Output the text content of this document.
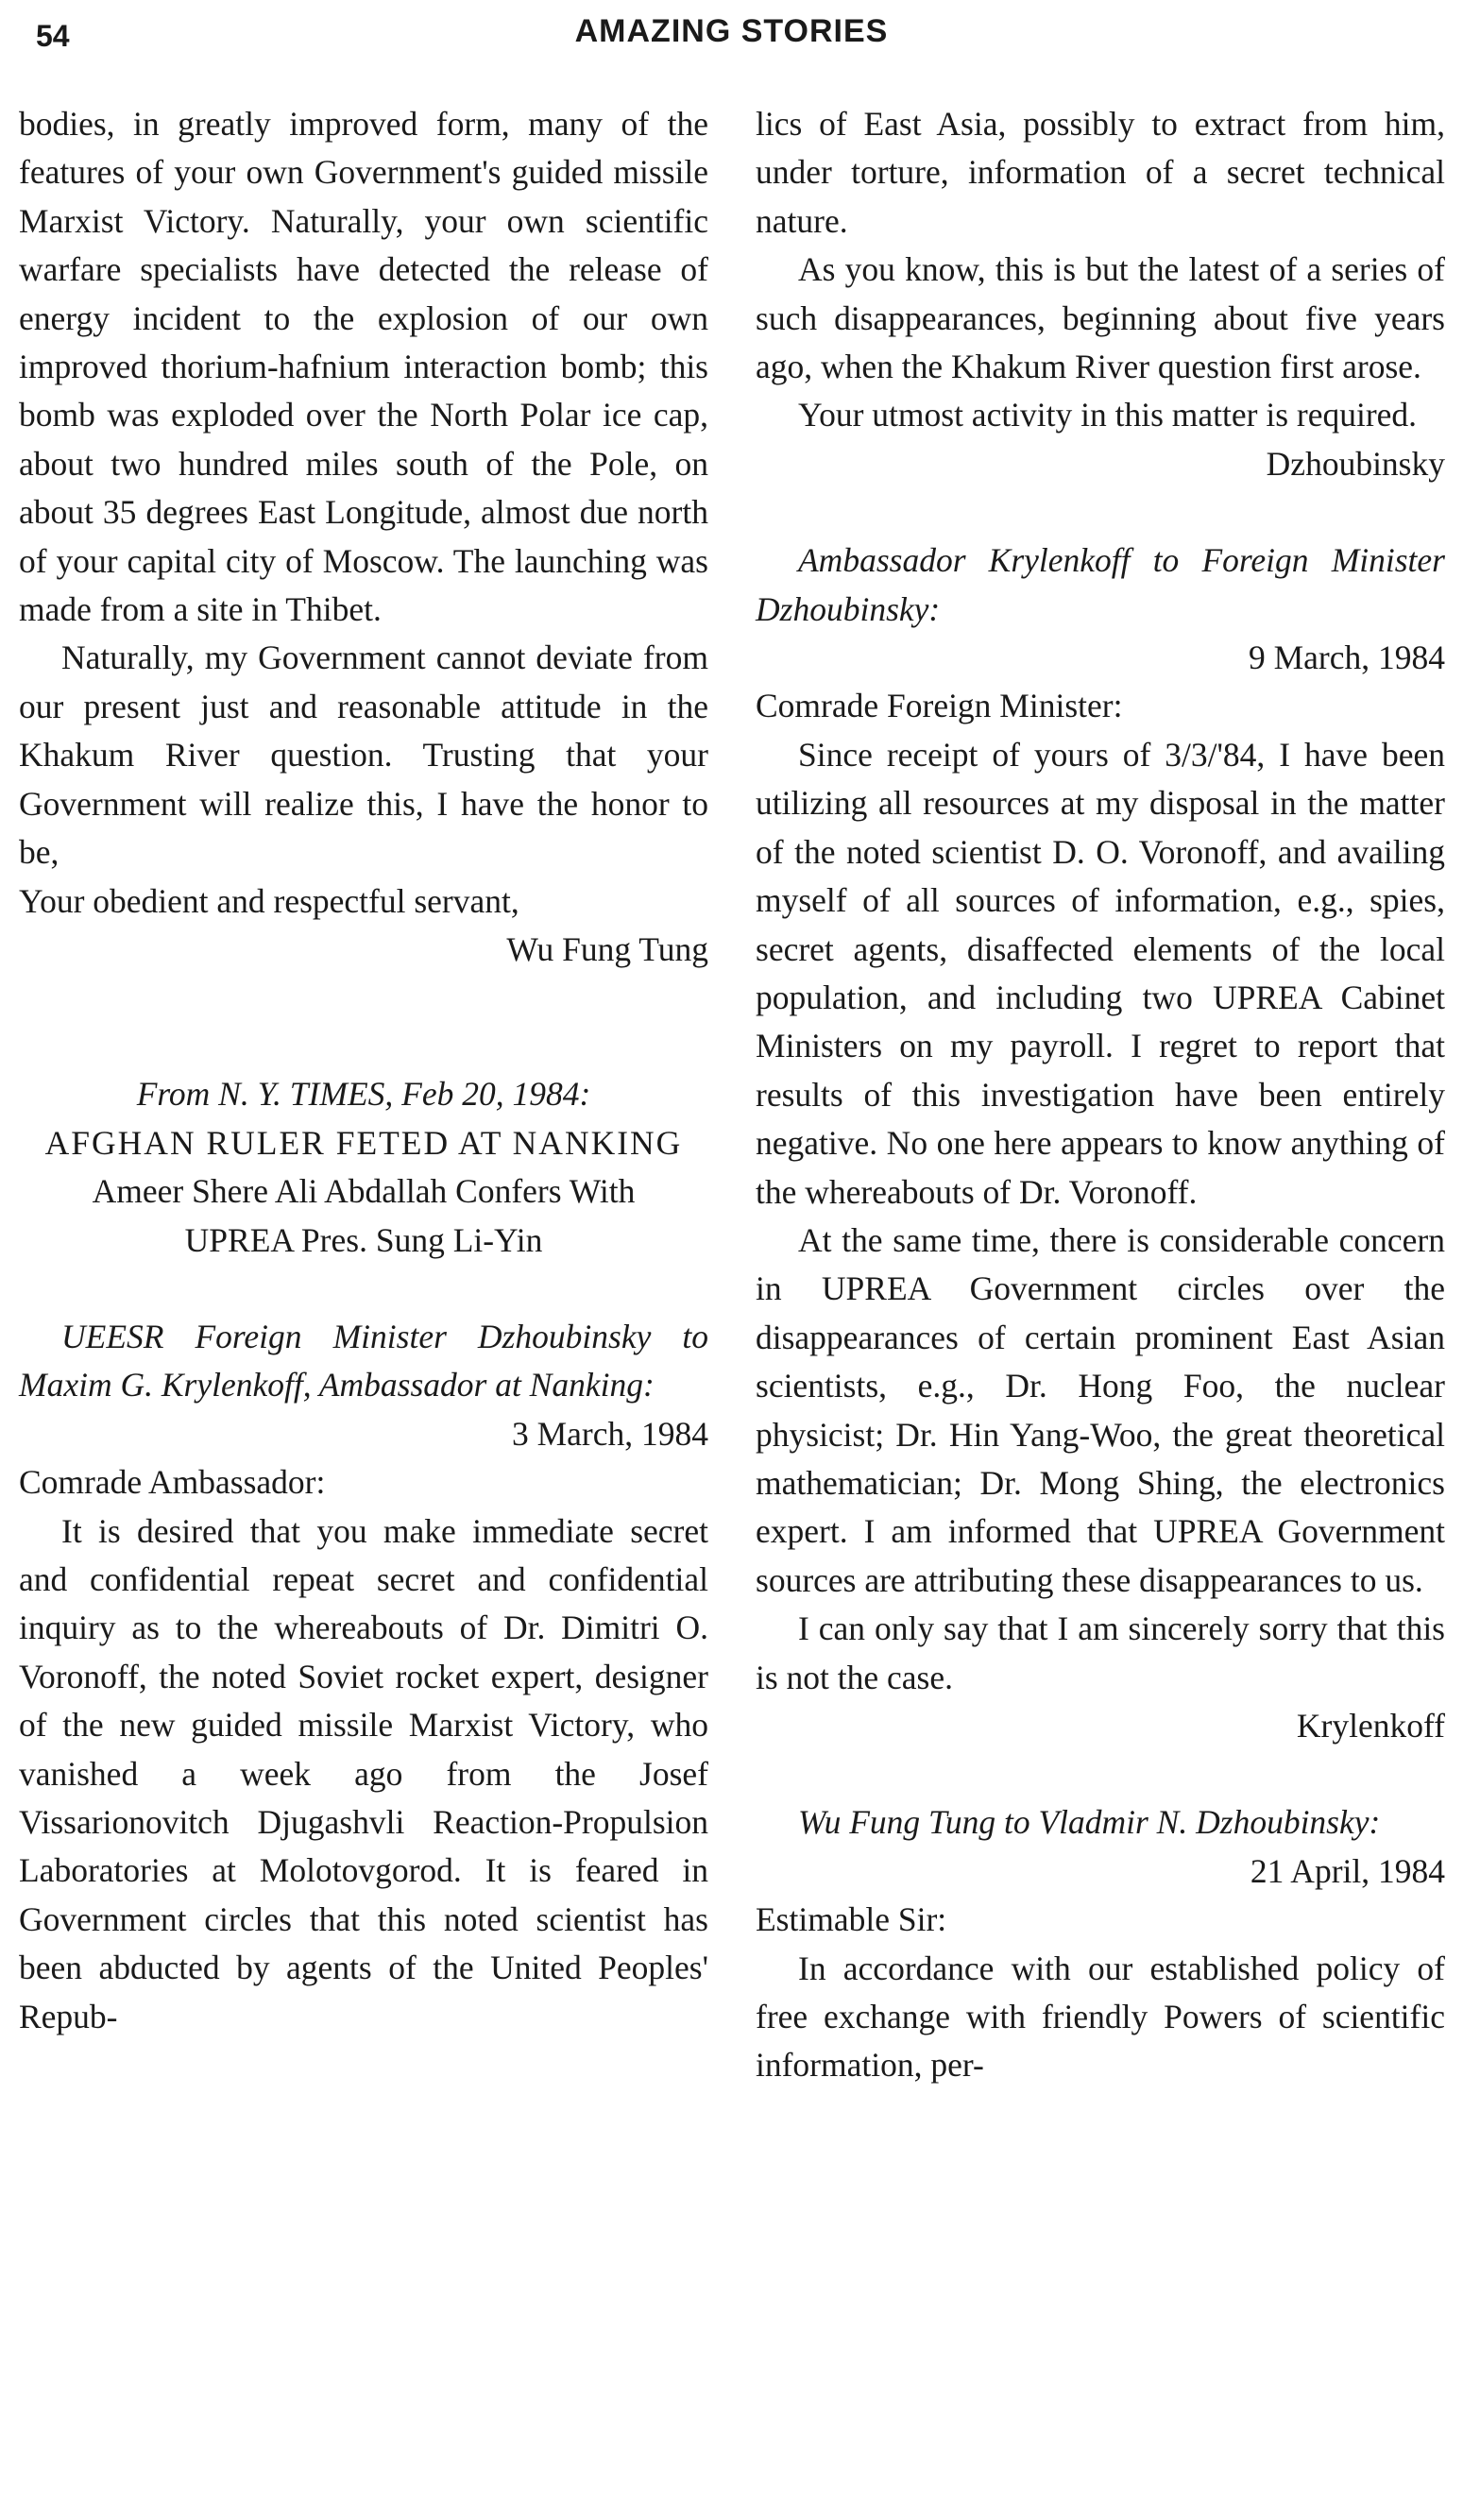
54	AMAZING STORIES

bodies, in greatly improved form, many of the features of your own Government's guided missile Marxist Victory. Naturally, your own scientific warfare specialists have detected the release of energy incident to the explosion of our own improved thorium-hafnium interaction bomb; this bomb was exploded over the North Polar ice cap, about two hundred miles south of the Pole, on about 35 degrees East Longitude, almost due north of your capital city of Moscow. The launching was made from a site in Thibet.

Naturally, my Government cannot deviate from our present just and reasonable attitude in the Khakum River question. Trusting that your Government will realize this, I have the honor to be,

Your obedient and respectful servant,

Wu Fung Tung
From N. Y. TIMES, Feb 20, 1984:
AFGHAN RULER FETED AT NANKING
Ameer Shere Ali Abdallah Confers With
UPREA Pres. Sung Li-Yin

UEESR Foreign Minister Dzhoubinsky to Maxim G. Krylenkoff, Ambassador at Nanking:

3 March, 1984
Comrade Ambassador:

It is desired that you make immediate secret and confidential repeat secret and confidential inquiry as to the whereabouts of Dr. Dimitri O. Voronoff, the noted Soviet rocket expert, designer of the new guided missile Marxist Victory, who vanished a week ago from the Josef Vissarionovitch Djugashvli Reaction-Propulsion Laboratories at Molotovgorod. It is feared in Government circles that this noted scientist has been abducted by agents of the United Peoples' Repub-

lics of East Asia, possibly to extract from him, under torture, information of a secret technical nature.

As you know, this is but the latest of a series of such disappearances, beginning about five years ago, when the Khakum River question first arose.

Your utmost activity in this matter is required.

Dzhoubinsky

Ambassador Krylenkoff to Foreign Minister Dzhoubinsky:

9 March, 1984
Comrade Foreign Minister:

Since receipt of yours of 3/3/'84, I have been utilizing all resources at my disposal in the matter of the noted scientist D. O. Voronoff, and availing myself of all sources of information, e.g., spies, secret agents, disaffected elements of the local population, and including two UPREA Cabinet Ministers on my payroll. I regret to report that results of this investigation have been entirely negative. No one here appears to know anything of the whereabouts of Dr. Voronoff.

At the same time, there is considerable concern in UPREA Government circles over the disappearances of certain prominent East Asian scientists, e.g., Dr. Hong Foo, the nuclear physicist; Dr. Hin Yang-Woo, the great theoretical mathematician; Dr. Mong Shing, the electronics expert. I am informed that UPREA Government sources are attributing these disappearances to us.

I can only say that I am sincerely sorry that this is not the case.

Krylenkoff

Wu Fung Tung to Vladmir N. Dzhoubinsky:

21 April, 1984
Estimable Sir:

In accordance with our established policy of free exchange with friendly Powers of scientific information, per-
